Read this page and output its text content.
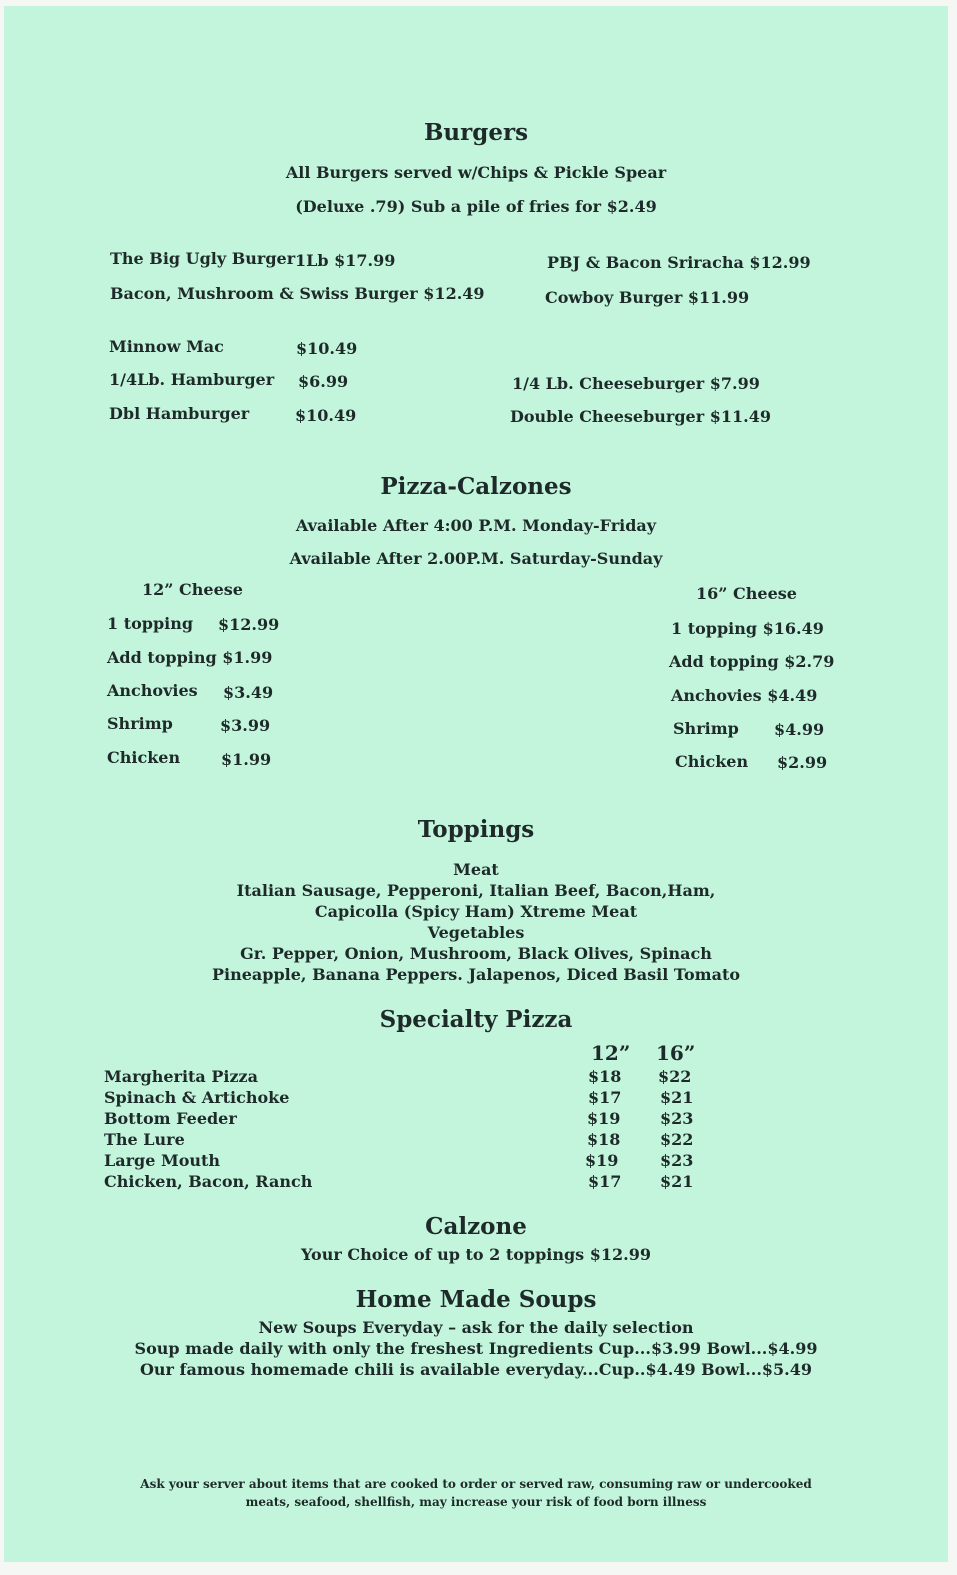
Burgers
All Burgers served w/Chips & Pickle Spear
(Deluxe .79) Sub a pile of fries for $2.49
The Big Ugly Burger 1Lb $17.99
Bacon, Mushroom & Swiss Burger $12.49
PBJ & Bacon Sriracha $12.99
Cowboy Burger $11.99
Minnow Mac	$10.49
1/4Lb. Hamburger $6.99
Dbl Hamburger	$10.49
1/4 Lb. Cheeseburger $7.99
Double Cheeseburger $11.49
Pizza-Calzones
Available After 4:00 P.M. Monday-Friday
Available After 2.00P.M. Saturday-Sunday
12” Cheese
1 topping $12.99
Add topping $1.99
Anchovies $3.49
Shrimp	$3.99
Chicken	$1.99
16” Cheese
1 topping $16.49
Add topping $2.79
Anchovies $4.49
Shrimp $4.99
Chicken $2.99
Toppings
Meat
Italian Sausage, Pepperoni, Italian Beef, Bacon,Ham,
Capicolla (Spicy Ham) Xtreme Meat
Vegetables
Gr. Pepper, Onion, Mushroom, Black Olives, Spinach
Pineapple, Banana Peppers. Jalapenos, Diced Basil Tomato
Specialty Pizza
12” 16”
Margherita Pizza	$18 $22
Spinach & Artichoke	$17 $21
Bottom Feeder	$19 $23
The Lure	$18 $22
Large Mouth	$19	$23
Chicken, Bacon, Ranch	$17 $21
Calzone
Your Choice of up to 2 toppings $12.99
Home Made Soups
New Soups Everyday – ask for the daily selection
Soup made daily with only the freshest Ingredients Cup...$3.99 Bowl...$4.99
Our famous homemade chili is available everyday...Cup..$4.49 Bowl...$5.49
Ask your server about items that are cooked to order or served raw, consuming raw or undercooked
meats, seafood, shellfish, may increase your risk of food born illness
